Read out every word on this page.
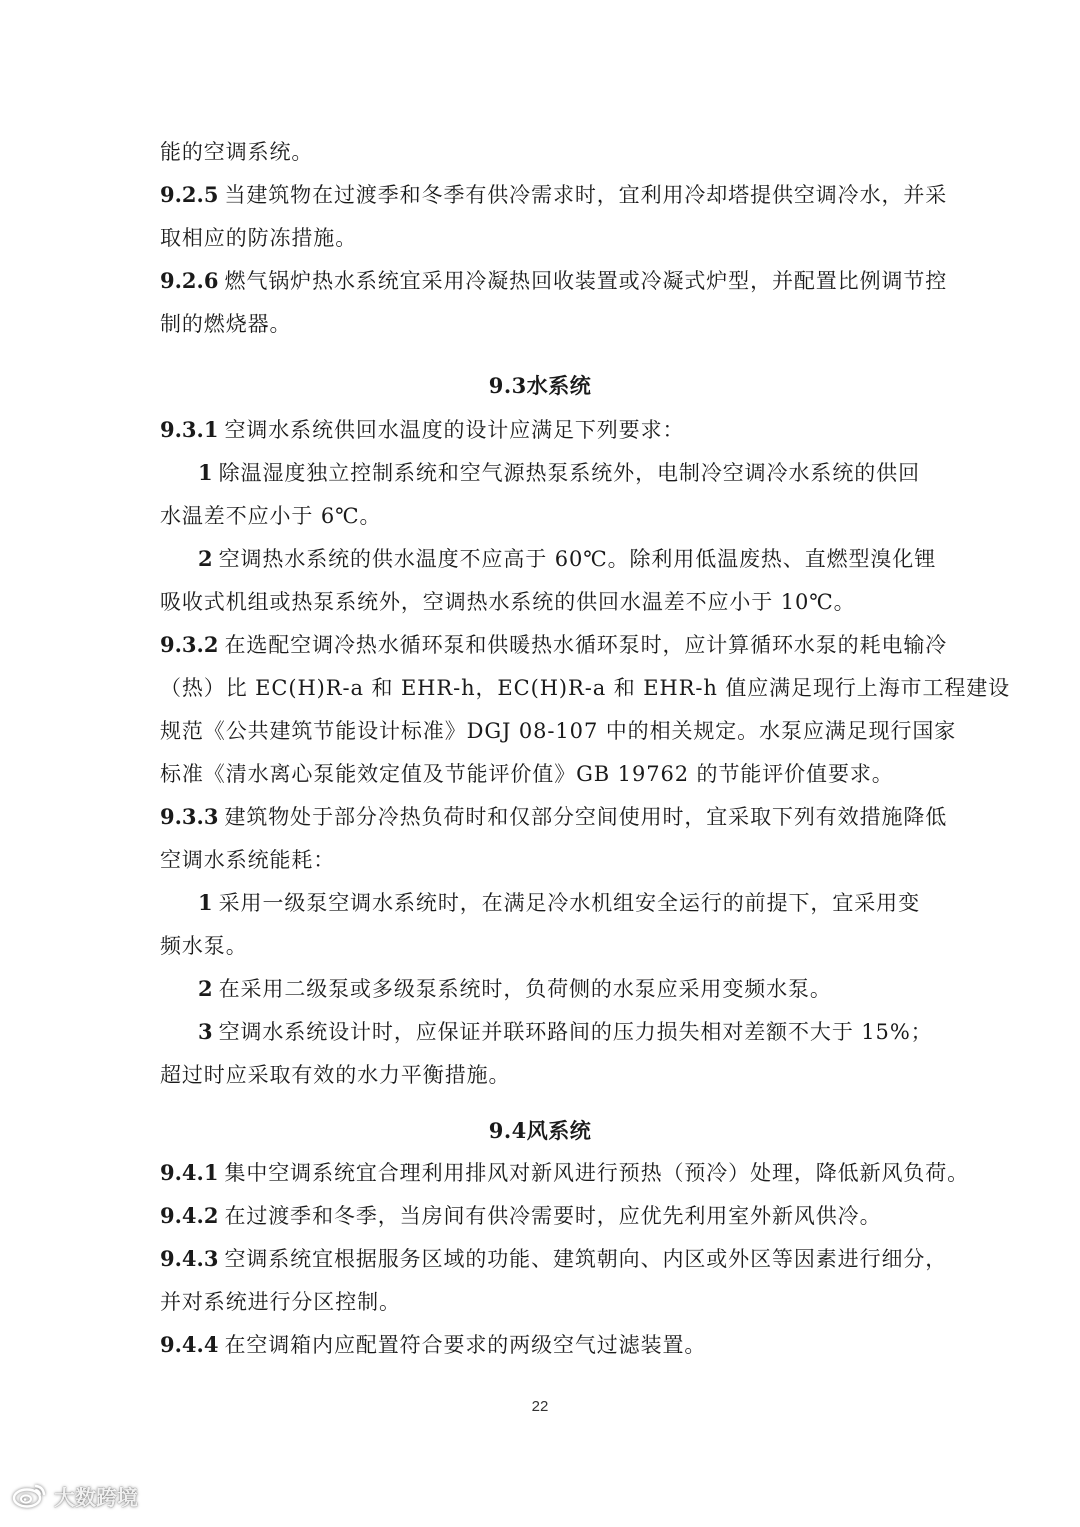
能的空调系统。
9.2.5 当建筑物在过渡季和冬季有供冷需求时，宜利用冷却塔提供空调冷水，并采
取相应的防冻措施。
9.2.6 燃气锅炉热水系统宜采用冷凝热回收装置或冷凝式炉型，并配置比例调节控
制的燃烧器。
9.3水系统
9.3.1 空调水系统供回水温度的设计应满足下列要求：
1 除温湿度独立控制系统和空气源热泵系统外，电制冷空调冷水系统的供回
水温差不应小于 6℃。
2 空调热水系统的供水温度不应高于 60℃。除利用低温废热、直燃型溴化锂
吸收式机组或热泵系统外，空调热水系统的供回水温差不应小于 10℃。
9.3.2 在选配空调冷热水循环泵和供暖热水循环泵时，应计算循环水泵的耗电输冷
（热）比 EC(H)R-a 和 EHR-h，EC(H)R-a 和 EHR-h 值应满足现行上海市工程建设
规范《公共建筑节能设计标准》DGJ 08-107 中的相关规定。水泵应满足现行国家
标准《清水离心泵能效定值及节能评价值》GB 19762 的节能评价值要求。
9.3.3 建筑物处于部分冷热负荷时和仅部分空间使用时，宜采取下列有效措施降低
空调水系统能耗：
1 采用一级泵空调水系统时，在满足冷水机组安全运行的前提下，宜采用变
频水泵。
2 在采用二级泵或多级泵系统时，负荷侧的水泵应采用变频水泵。
3 空调水系统设计时，应保证并联环路间的压力损失相对差额不大于 15%；
超过时应采取有效的水力平衡措施。
9.4风系统
9.4.1 集中空调系统宜合理利用排风对新风进行预热（预冷）处理，降低新风负荷。
9.4.2 在过渡季和冬季，当房间有供冷需要时，应优先利用室外新风供冷。
9.4.3 空调系统宜根据服务区域的功能、建筑朝向、内区或外区等因素进行细分，
并对系统进行分区控制。
9.4.4 在空调箱内应配置符合要求的两级空气过滤装置。
22
大数跨境
